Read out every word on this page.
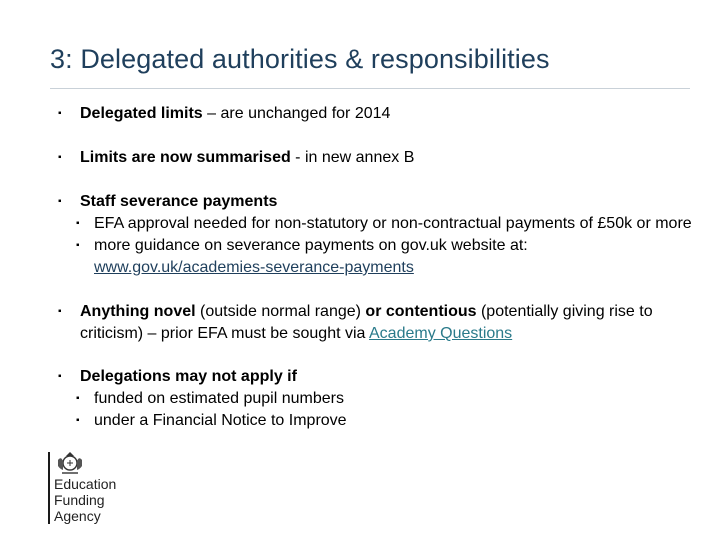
3: Delegated authorities & responsibilities
▪ Delegated limits – are unchanged for 2014
▪ Limits are now summarised - in new annex B
▪ Staff severance payments
▪ EFA approval needed for non-statutory or non-contractual payments of £50k or more
▪ more guidance on severance payments on gov.uk website at:
www.gov.uk/academies-severance-payments
▪ Anything novel (outside normal range) or contentious (potentially giving rise to criticism) – prior EFA must be sought via Academy Questions
▪ Delegations may not apply if
▪ funded on estimated pupil numbers
▪ under a Financial Notice to Improve
Education
Funding
Agency
